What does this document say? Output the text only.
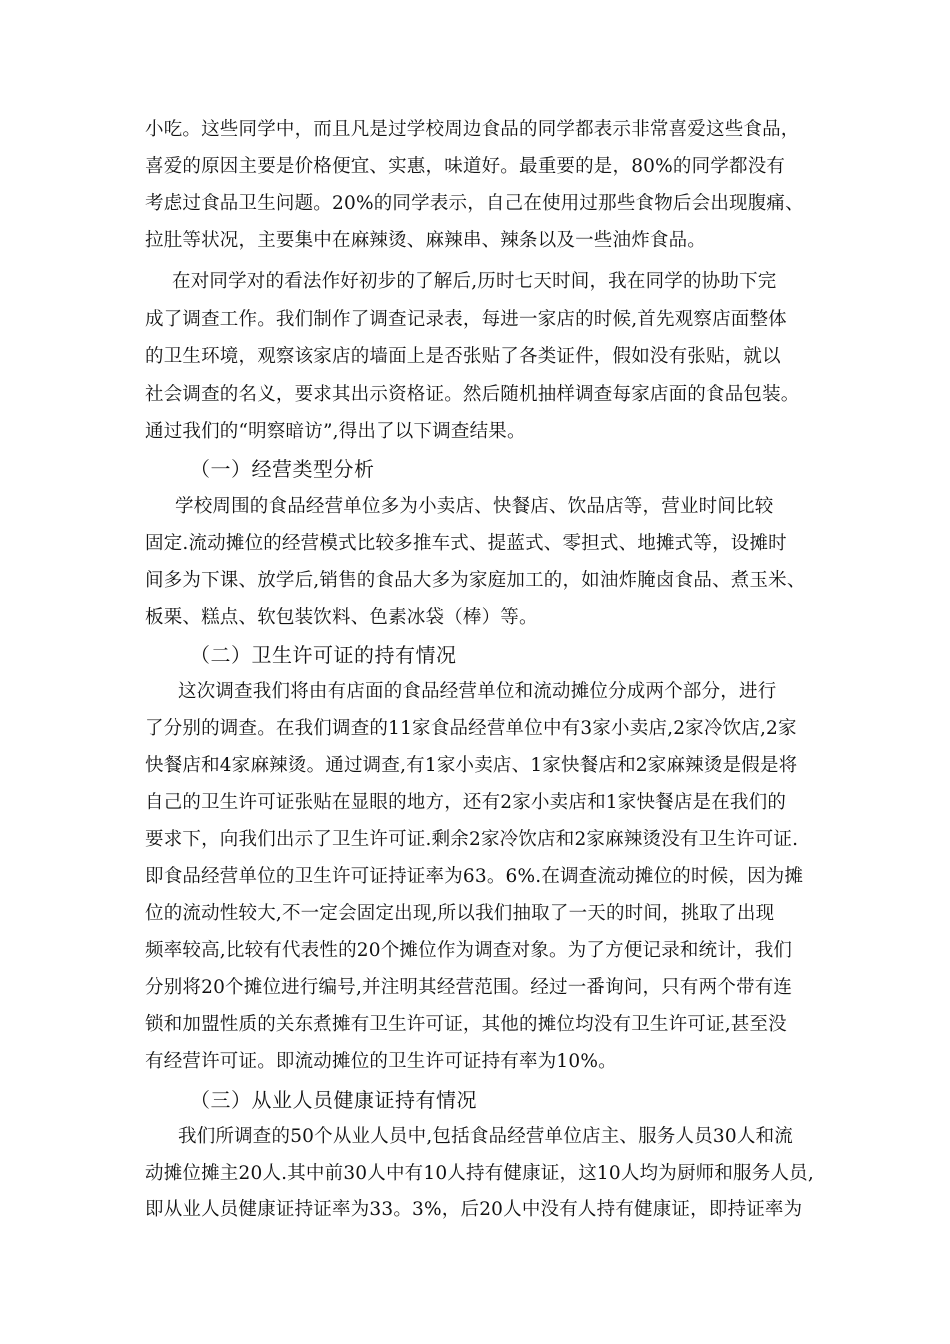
小吃。这些同学中，而且凡是过学校周边食品的同学都表示非常喜爱这些食品，
喜爱的原因主要是价格便宜、实惠，味道好。最重要的是，80%的同学都没有
考虑过食品卫生问题。20%的同学表示，自己在使用过那些食物后会出现腹痛、
拉肚等状况，主要集中在麻辣烫、麻辣串、辣条以及一些油炸食品。
在对同学对的看法作好初步的了解后,历时七天时间，我在同学的协助下完
成了调查工作。我们制作了调查记录表，每进一家店的时候,首先观察店面整体
的卫生环境，观察该家店的墙面上是否张贴了各类证件，假如没有张贴，就以
社会调查的名义，要求其出示资格证。然后随机抽样调查每家店面的食品包装。
通过我们的“明察暗访”,得出了以下调查结果。
（一）经营类型分析
学校周围的食品经营单位多为小卖店、快餐店、饮品店等，营业时间比较
固定.流动摊位的经营模式比较多推车式、提蓝式、零担式、地摊式等，设摊时
间多为下课、放学后,销售的食品大多为家庭加工的，如油炸腌卤食品、煮玉米、
板栗、糕点、软包装饮料、色素冰袋（棒）等。
（二）卫生许可证的持有情况
这次调查我们将由有店面的食品经营单位和流动摊位分成两个部分，进行
了分别的调查。在我们调查的11家食品经营单位中有3家小卖店,2家冷饮店,2家
快餐店和4家麻辣烫。通过调查,有1家小卖店、1家快餐店和2家麻辣烫是假是将
自己的卫生许可证张贴在显眼的地方，还有2家小卖店和1家快餐店是在我们的
要求下，向我们出示了卫生许可证.剩余2家冷饮店和2家麻辣烫没有卫生许可证.
即食品经营单位的卫生许可证持证率为63。6%.在调查流动摊位的时候，因为摊
位的流动性较大,不一定会固定出现,所以我们抽取了一天的时间，挑取了出现
频率较高,比较有代表性的20个摊位作为调查对象。为了方便记录和统计，我们
分别将20个摊位进行编号,并注明其经营范围。经过一番询问，只有两个带有连
锁和加盟性质的关东煮摊有卫生许可证，其他的摊位均没有卫生许可证,甚至没
有经营许可证。即流动摊位的卫生许可证持有率为10%。
（三）从业人员健康证持有情况
我们所调查的50个从业人员中,包括食品经营单位店主、服务人员30人和流
动摊位摊主20人.其中前30人中有10人持有健康证，这10人均为厨师和服务人员,
即从业人员健康证持证率为33。3%，后20人中没有人持有健康证，即持证率为
